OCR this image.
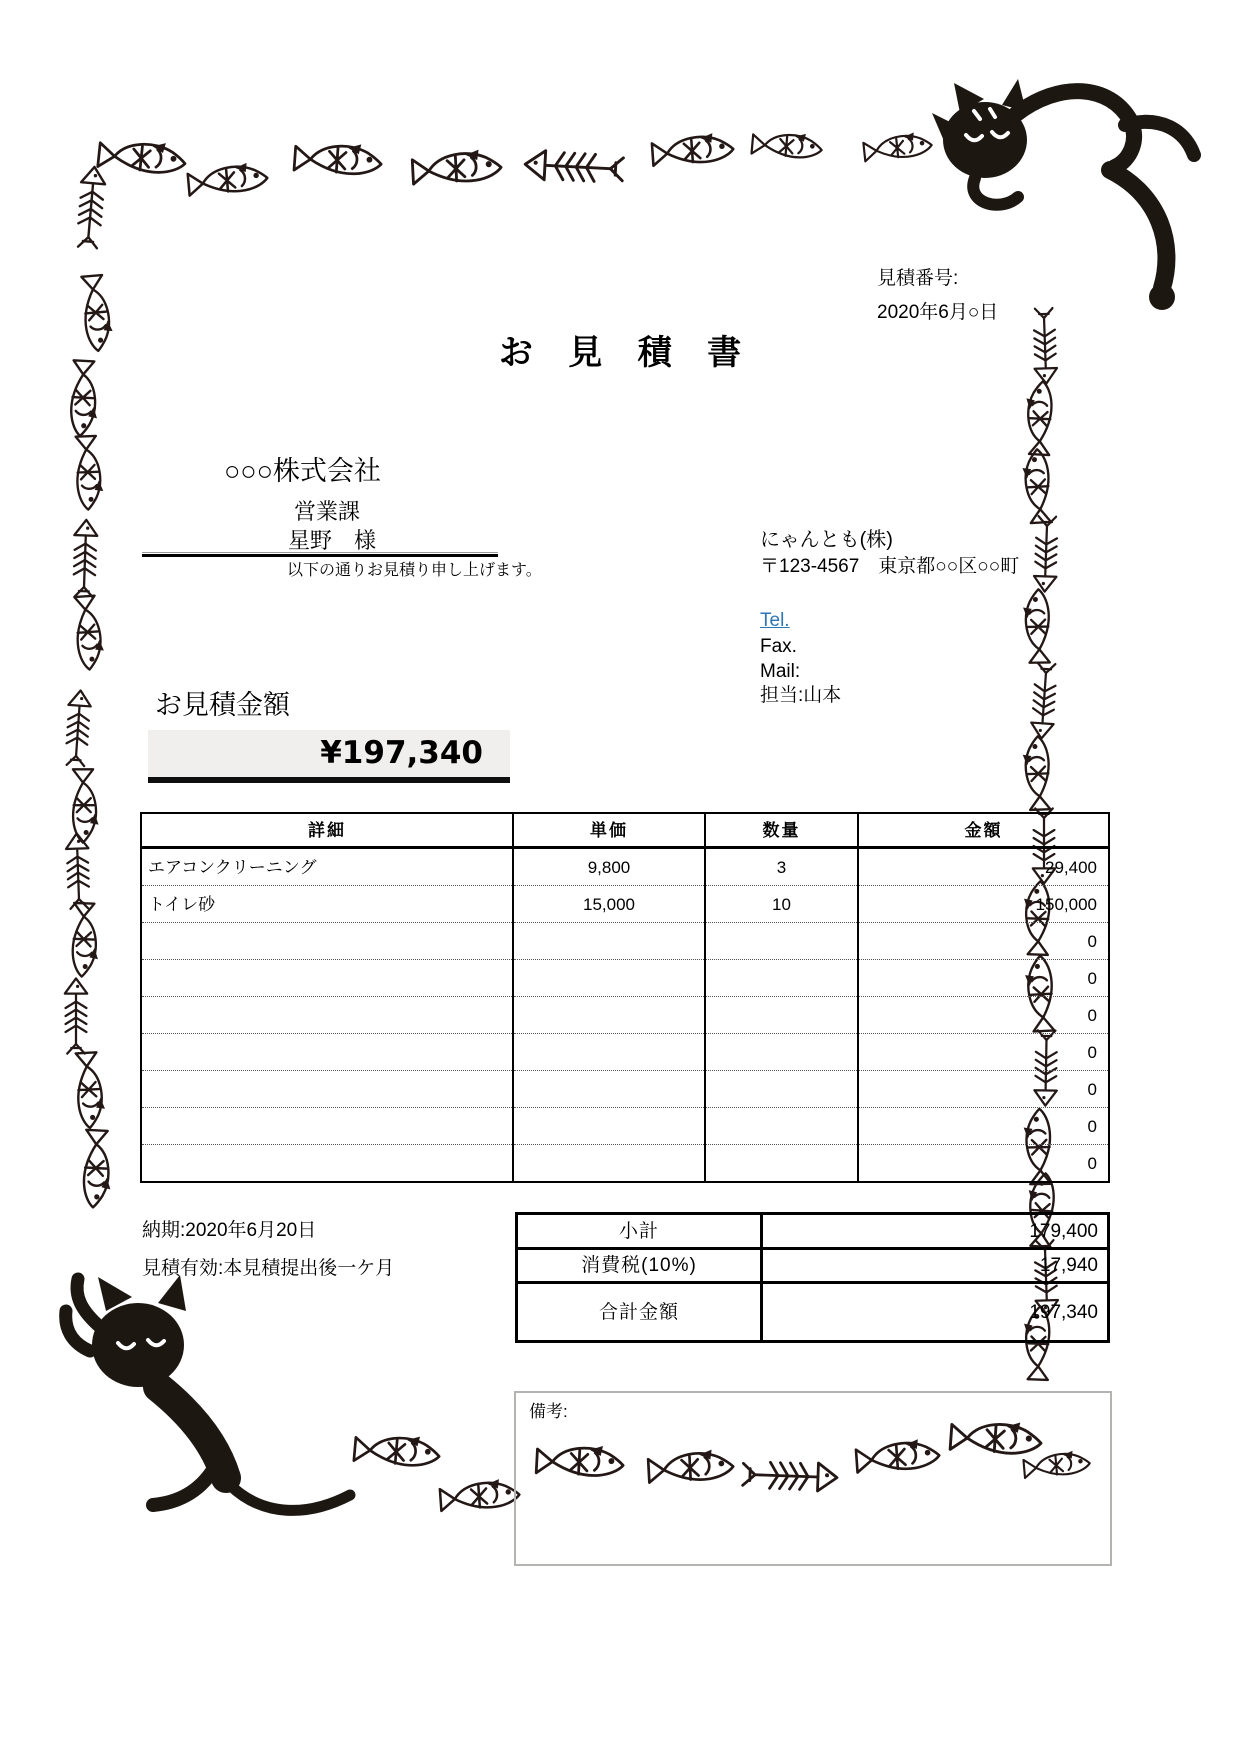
見積番号:
2020年6月○日
お 見 積 書
○○○株式会社
営業課
星野　様
以下の通りお見積り申し上げます。
にゃんとも(株)
〒123-4567　東京都○○区○○町
Tel.
Fax.
Mail:
担当:山本
お見積金額
¥197,340
詳細	単価	数量	金額
エアコンクリーニング	9,800	3	29,400
トイレ砂	15,000	10	150,000
			0
			0
			0
			0
			0
			0
			0
納期:2020年6月20日
見積有効:本見積提出後一ケ月
小計	179,400
消費税(10%)	17,940
合計金額	197,340
備考:
